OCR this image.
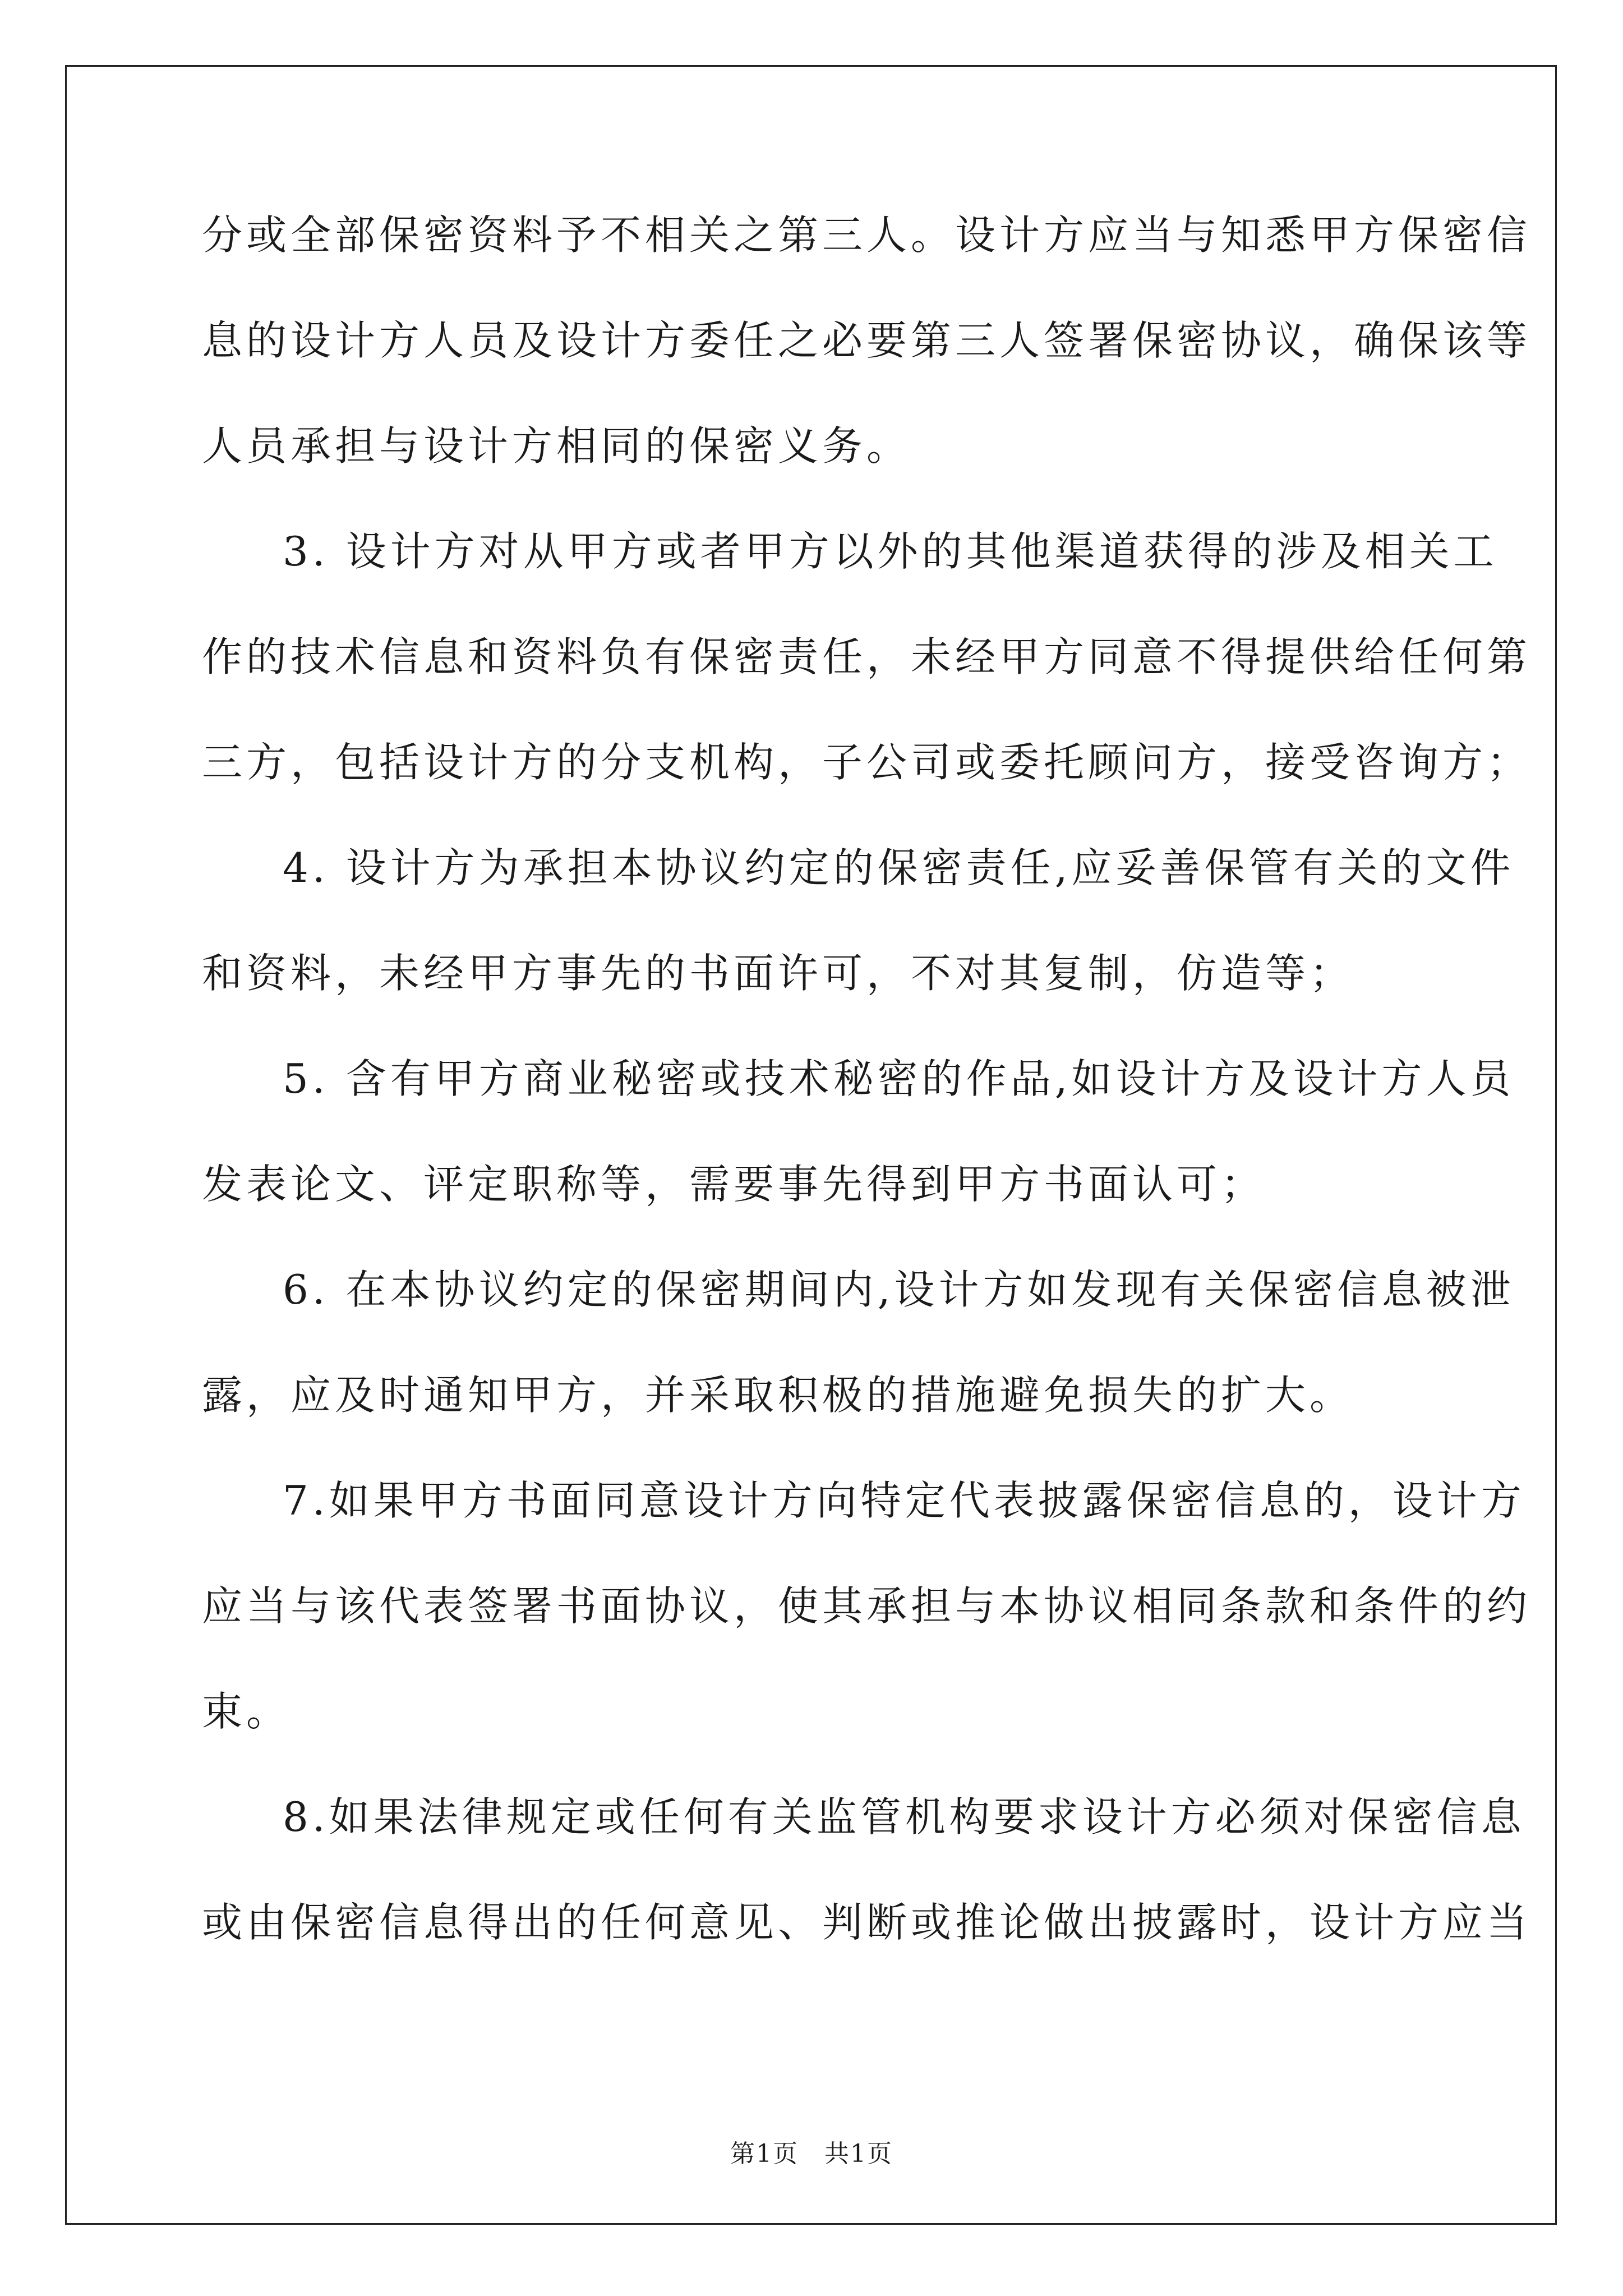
分或全部保密资料予不相关之第三人。设计方应当与知悉甲方保密信
息的设计方人员及设计方委任之必要第三人签署保密协议，确保该等
人员承担与设计方相同的保密义务。
3. 设计方对从甲方或者甲方以外的其他渠道获得的涉及相关工
作的技术信息和资料负有保密责任，未经甲方同意不得提供给任何第
三方，包括设计方的分支机构，子公司或委托顾问方，接受咨询方；
4. 设计方为承担本协议约定的保密责任,应妥善保管有关的文件
和资料，未经甲方事先的书面许可，不对其复制，仿造等；
5. 含有甲方商业秘密或技术秘密的作品,如设计方及设计方人员
发表论文、评定职称等，需要事先得到甲方书面认可；
6. 在本协议约定的保密期间内,设计方如发现有关保密信息被泄
露，应及时通知甲方，并采取积极的措施避免损失的扩大。
7.如果甲方书面同意设计方向特定代表披露保密信息的，设计方
应当与该代表签署书面协议，使其承担与本协议相同条款和条件的约
束。
8.如果法律规定或任何有关监管机构要求设计方必须对保密信息
或由保密信息得出的任何意见、判断或推论做出披露时，设计方应当
第1页　共1页
